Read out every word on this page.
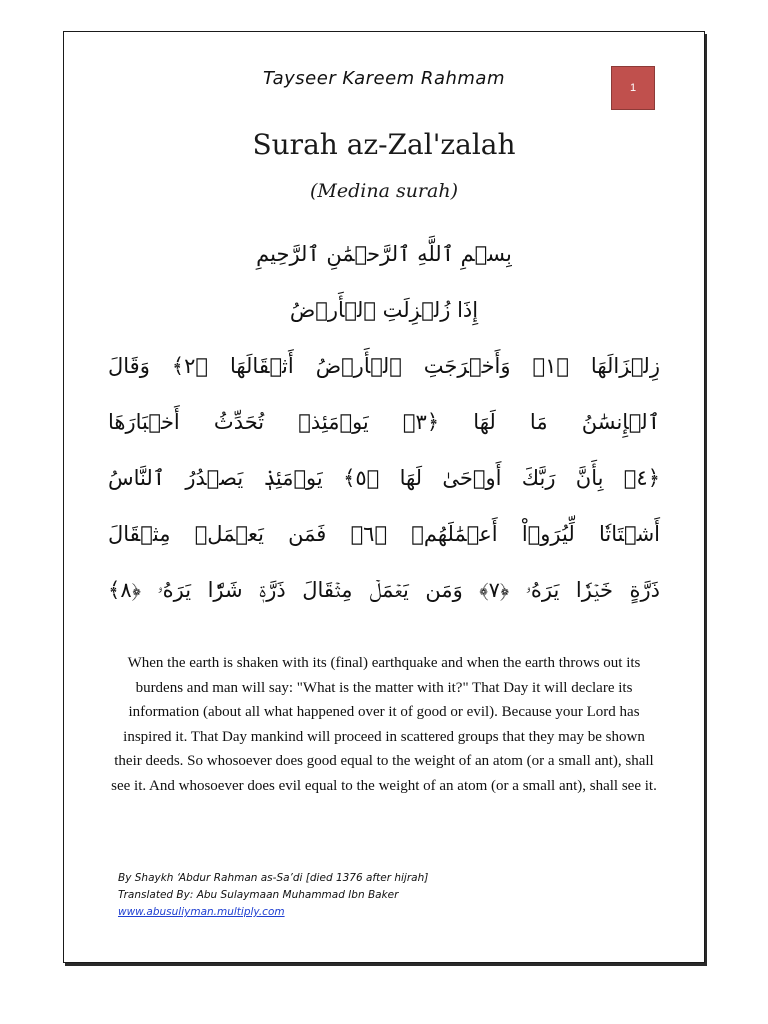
Tayseer Kareem Rahmam	1
Surah az-Zal'zalah
(Medina surah)
بِسۡمِ ٱللَّهِ ٱلرَّحۡمَٰنِ ٱلرَّحِيمِ
إِذَا زُلۡزِلَتِ ٱلۡأَرۡضُ
زِلۡزَالَهَا ﴿١﴾ وَأَخۡرَجَتِ ٱلۡأَرۡضُ أَثۡقَالَهَا ﴿٢﴾ وَقَالَ
ٱلۡإِنسَٰنُ مَا لَهَا ﴿٣﴾ يَوۡمَئِذٖ تُحَدِّثُ أَخۡبَارَهَا
﴿٤﴾ بِأَنَّ رَبَّكَ أَوۡحَىٰ لَهَا ﴿٥﴾ يَوۡمَئِذٖ يَصۡدُرُ ٱلنَّاسُ
أَشۡتَاتٗا لِّيُرَوۡاْ أَعۡمَٰلَهُمۡ ﴿٦﴾ فَمَن يَعۡمَلۡ مِثۡقَالَ
ذَرَّةٍ خَيۡرٗا يَرَهُۥ ﴿٧﴾ وَمَن يَعۡمَلۡ مِثۡقَالَ ذَرَّةٖ شَرّٗا يَرَهُۥ ﴿٨﴾
When the earth is shaken with its (final) earthquake and when the earth throws out its burdens and man will say: "What is the matter with it?" That Day it will declare its information (about all what happened over it of good or evil). Because your Lord has inspired it. That Day mankind will proceed in scattered groups that they may be shown their deeds. So whosoever does good equal to the weight of an atom (or a small ant), shall see it. And whosoever does evil equal to the weight of an atom (or a small ant), shall see it.
By Shaykh ‘Abdur Rahman as-Sa’di [died 1376 after hijrah]
Translated By: Abu Sulaymaan Muhammad Ibn Baker
www.abusuliyman.multiply.com
